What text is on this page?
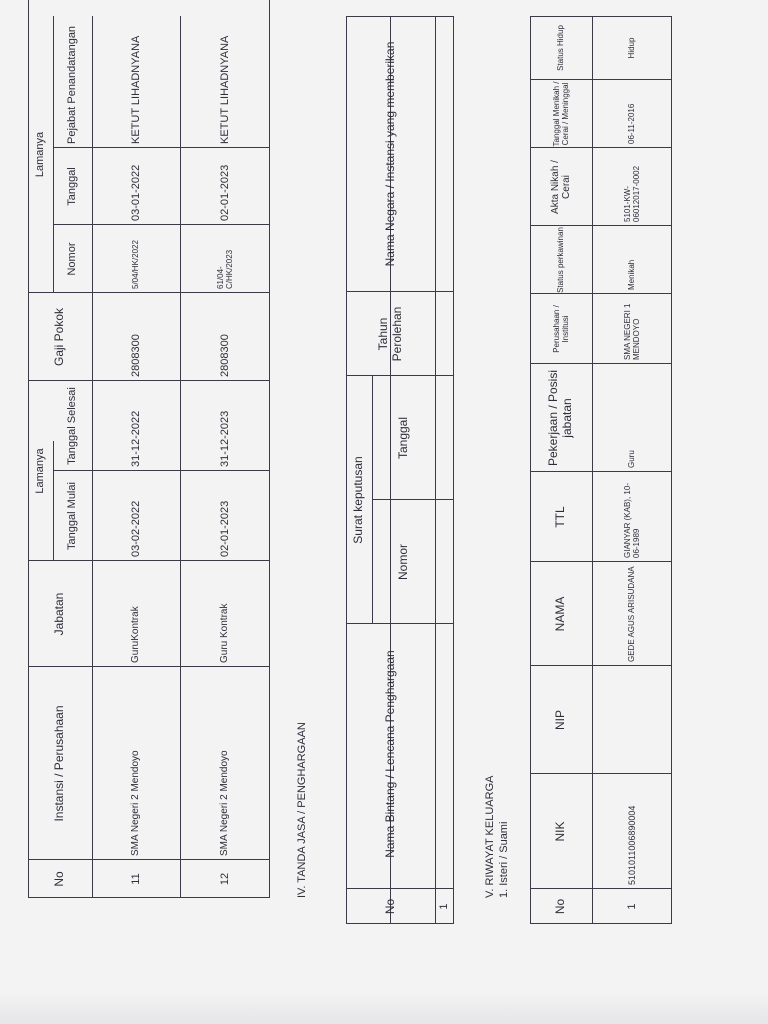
No
Instansi / Perusahaan
Jabatan
Lamanya
Tanggal Mulai
Tanggal Selesai
Gaji Pokok
Lamanya
Nomor
Tanggal
Pejabat Penandatangan
11
SMA Negeri 2 Mendoyo
GuruKontrak
03-02-2022
31-12-2022
2808300
5/04/HK/2022
03-01-2022
KETUT LIHADNYANA
12
SMA Negeri 2 Mendoyo
Guru Kontrak
02-01-2023
31-12-2023
2808300
61/04-C/HK/2023
02-01-2023
KETUT LIHADNYANA
IV. TANDA JASA / PENGHARGAAN
No
Nama Bintang / Lencana Penghargaan
Surat keputusan
Nomor
Tanggal
Tahun Perolehan
Nama Negara / Instansi yang memberikan
1
V. RIWAYAT KELUARGA 1. Isteri / Suami
No
NIK
NIP
NAMA
TTL
Pekerjaan / Posisi jabatan
Perusahaan / Institusi
Status perkawinan
Akta Nikah / Cerai
Tanggal Menikah / Cerai / Meninggal
Status Hidup
1
5101011006890004
GEDE AGUS ARISUDANA
GIANYAR (KAB), 10-06-1989
Guru
SMA NEGERI 1 MENDOYO
Menikah
5101-KW-06012017-0002
06-11-2016
Hidup
